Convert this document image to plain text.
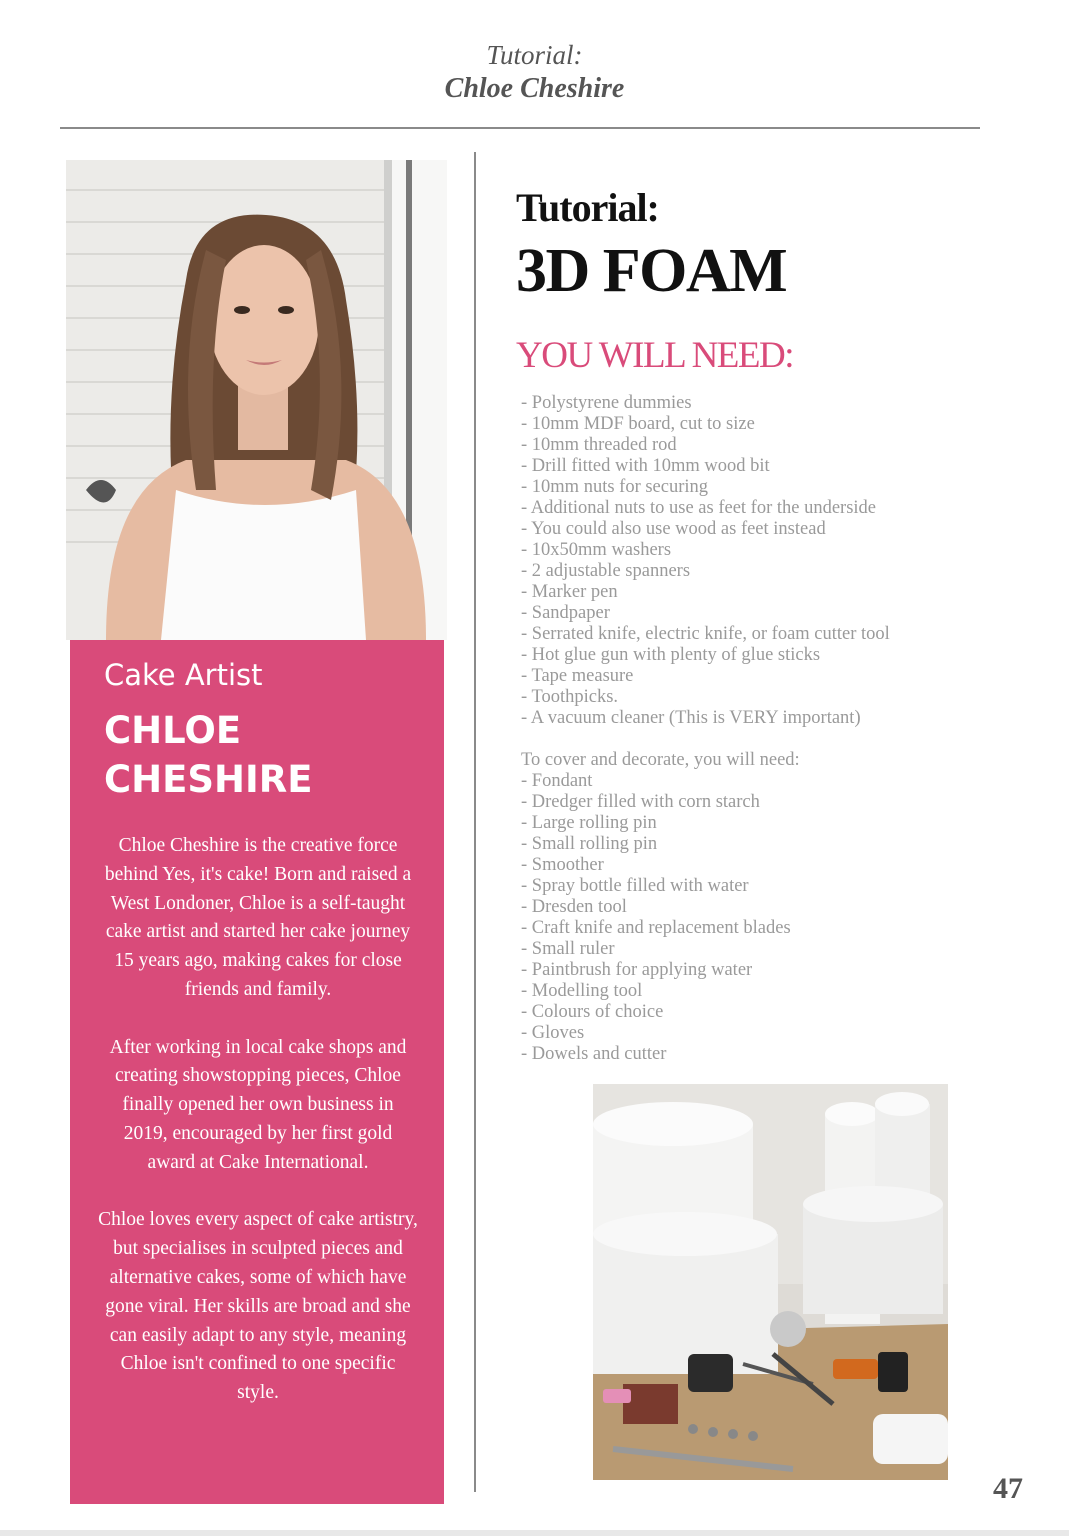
Tutorial:
Chloe Cheshire
Cake Artist
CHLOE
CHESHIRE

Chloe Cheshire is the creative force behind Yes, it's cake! Born and raised a West Londoner, Chloe is a self-taught cake artist and started her cake journey 15 years ago, making cakes for close friends and family.

After working in local cake shops and creating showstopping pieces, Chloe finally opened her own business in 2019, encouraged by her first gold award at Cake International.

Chloe loves every aspect of cake artistry, but specialises in sculpted pieces and alternative cakes, some of which have gone viral. Her skills are broad and she can easily adapt to any style, meaning Chloe isn't confined to one specific style.

Tutorial:
3D FOAM
YOU WILL NEED:
- Polystyrene dummies
- 10mm MDF board, cut to size
- 10mm threaded rod
- Drill fitted with 10mm wood bit
- 10mm nuts for securing
- Additional nuts to use as feet for the underside
- You could also use wood as feet instead
- 10x50mm washers
- 2 adjustable spanners
- Marker pen
- Sandpaper
- Serrated knife, electric knife, or foam cutter tool
- Hot glue gun with plenty of glue sticks
- Tape measure
- Toothpicks.
- A vacuum cleaner (This is VERY important)
To cover and decorate, you will need:
- Fondant
- Dredger filled with corn starch
- Large rolling pin
- Small rolling pin
- Smoother
- Spray bottle filled with water
- Dresden tool
- Craft knife and replacement blades
- Small ruler
- Paintbrush for applying water
- Modelling tool
- Colours of choice
- Gloves
- Dowels and cutter
47
